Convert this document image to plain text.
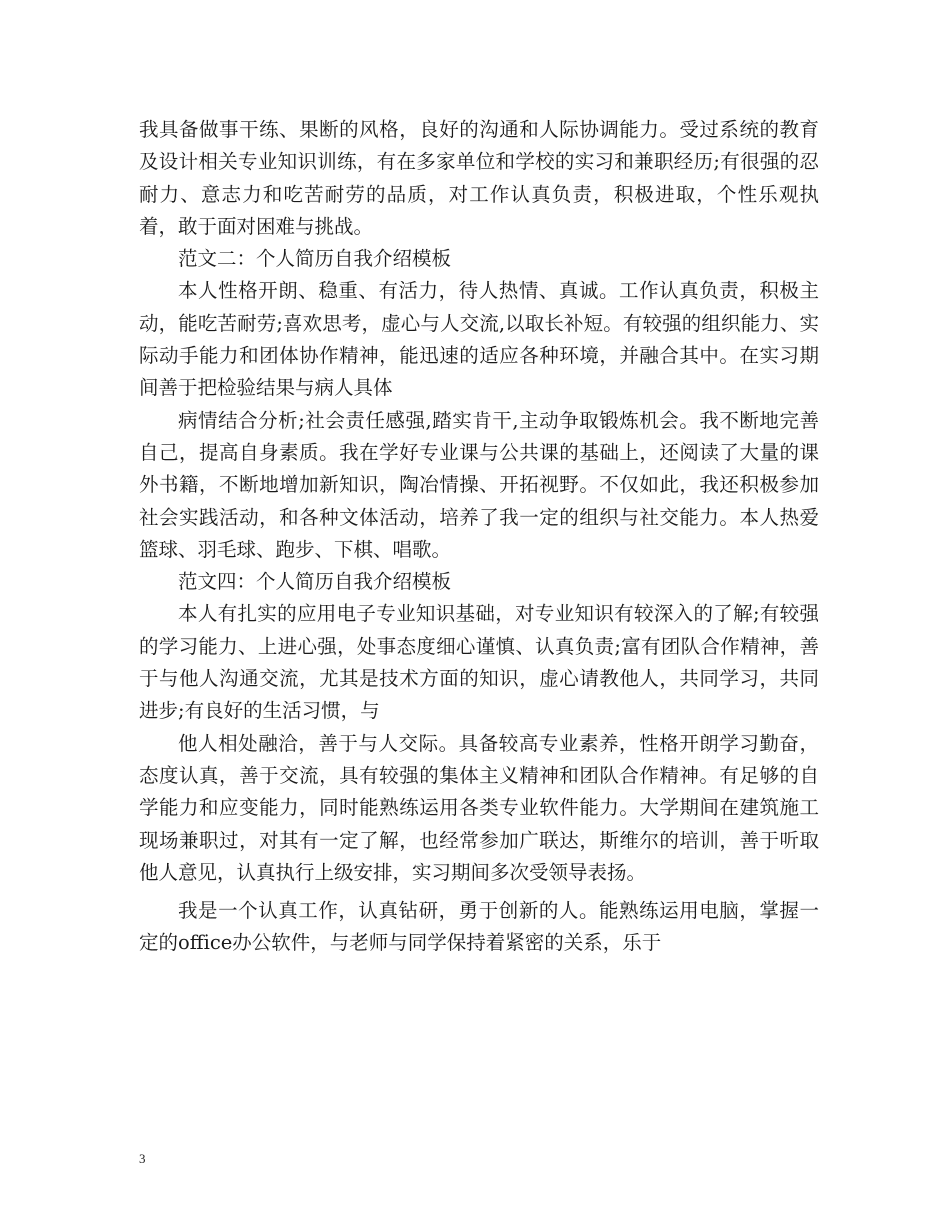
我具备做事干练、果断的风格，良好的沟通和人际协调能力。受过系统的教育及设计相关专业知识训练，有在多家单位和学校的实习和兼职经历;有很强的忍耐力、意志力和吃苦耐劳的品质，对工作认真负责，积极进取，个性乐观执着，敢于面对困难与挑战。

范文二：个人简历自我介绍模板

本人性格开朗、稳重、有活力，待人热情、真诚。工作认真负责，积极主动，能吃苦耐劳;喜欢思考，虚心与人交流,以取长补短。有较强的组织能力、实际动手能力和团体协作精神，能迅速的适应各种环境，并融合其中。在实习期间善于把检验结果与病人具体

病情结合分析;社会责任感强,踏实肯干,主动争取锻炼机会。我不断地完善自己，提高自身素质。我在学好专业课与公共课的基础上，还阅读了大量的课外书籍，不断地增加新知识，陶冶情操、开拓视野。不仅如此，我还积极参加社会实践活动，和各种文体活动，培养了我一定的组织与社交能力。本人热爱篮球、羽毛球、跑步、下棋、唱歌。

范文四：个人简历自我介绍模板

本人有扎实的应用电子专业知识基础，对专业知识有较深入的了解;有较强的学习能力、上进心强，处事态度细心谨慎、认真负责;富有团队合作精神，善于与他人沟通交流，尤其是技术方面的知识，虚心请教他人，共同学习，共同进步;有良好的生活习惯，与

他人相处融洽，善于与人交际。具备较高专业素养，性格开朗学习勤奋，态度认真，善于交流，具有较强的集体主义精神和团队合作精神。有足够的自学能力和应变能力，同时能熟练运用各类专业软件能力。大学期间在建筑施工现场兼职过，对其有一定了解，也经常参加广联达，斯维尔的培训，善于听取他人意见，认真执行上级安排，实习期间多次受领导表扬。

我是一个认真工作，认真钻研，勇于创新的人。能熟练运用电脑，掌握一定的office办公软件，与老师与同学保持着紧密的关系，乐于

3
